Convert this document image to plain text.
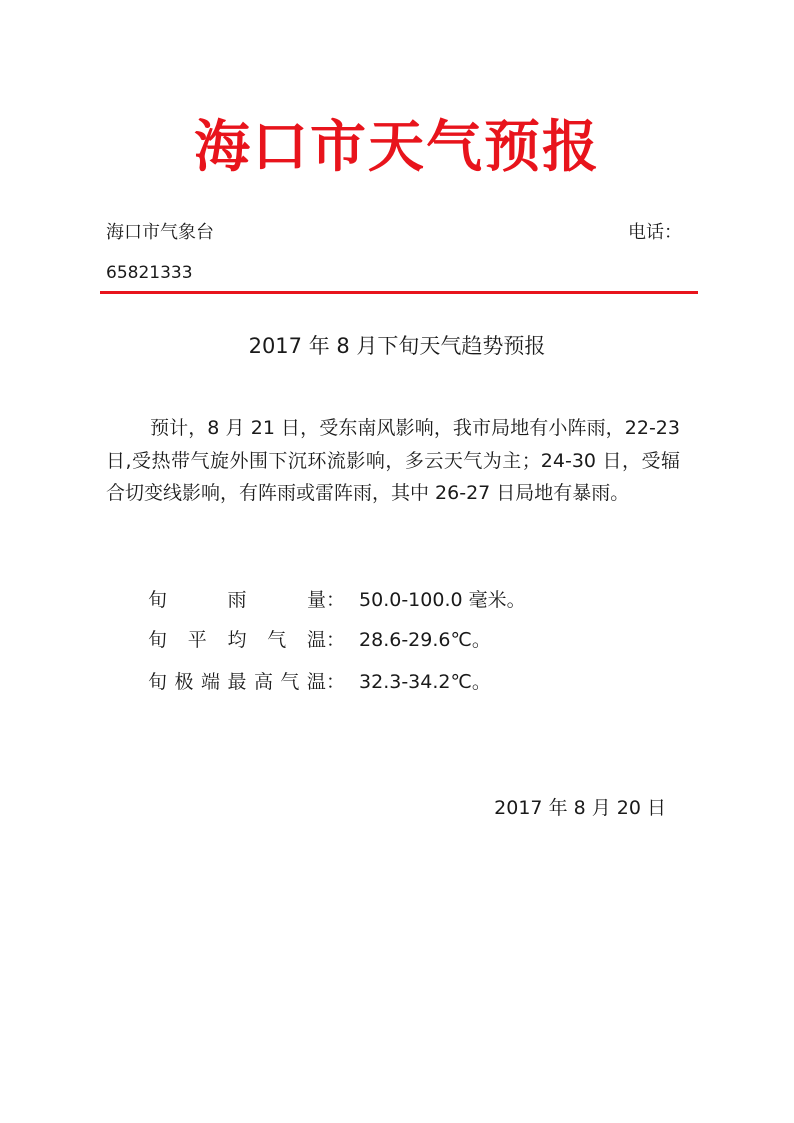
海口市天气预报
海口市气象台	电话：
65821333
2017 年 8 月下旬天气趋势预报
预计，8 月 21 日，受东南风影响，我市局地有小阵雨，22-23 日,受热带气旋外围下沉环流影响，多云天气为主；24-30 日，受辐合切变线影响，有阵雨或雷阵雨，其中 26-27 日局地有暴雨。
旬	雨	量 ： 50.0-100.0 毫米。
旬 平 均 气 温 ： 28.6-29.6℃。
旬 极 端 最 高 气 温 ： 32.3-34.2℃。
2017 年 8 月 20 日
